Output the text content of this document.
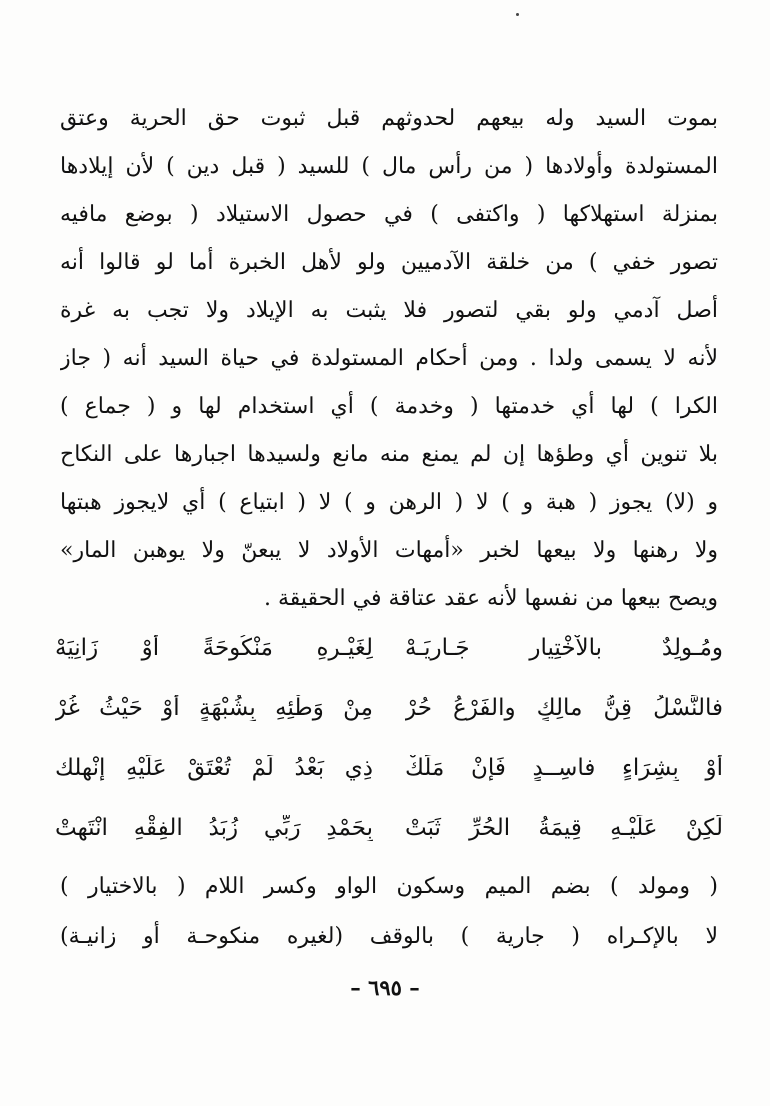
بموت السيد وله بيعهم لحدوثهم قبل ثبوت حق الحرية وعتق
المستولدة وأولادها ( من رأس مال ) للسيد ( قبل دين ) لأن إيلادها
بمنزلة استهلاكها ( واكتفى ) في حصول الاستيلاد ( بوضع مافيه
تصور خفي ) من خلقة الآدميين ولو لأهل الخبرة أما لو قالوا أنه
أصل آدمي ولو بقي لتصور فلا يثبت به الإيلاد ولا تجب به غرة
لأنه لا يسمى ولدا . ومن أحكام المستولدة في حياة السيد أنه ( جاز
الكرا ) لها أي خدمتها ( وخدمة ) أي استخدام لها و ( جماع )
بلا تنوين أي وطؤها إن لم يمنع منه مانع ولسيدها اجبارها على النكاح
و (لا) يجوز ( هبة و ) لا ( الرهن و ) لا ( ابتياع ) أي لايجوز هبتها
ولا رهنها ولا بيعها لخبر «أمهات الأولاد لا يبعنّ ولا يوهبن المار»
ويصح بيعها من نفسها لأنه عقد عتاقة في الحقيقة .
ومُـولِدٌ بالاْخْتِيارِ جَـارِيَـهْ
لِغَيْـرِهِ مَنْكُوحَةً أَوْ زَانِيَهْ
فالنَّسْلُ قِنُّ مالِكٍ والفَرْعُ حُرْ
مِنْ وَطْئِهِ بِشُبْهَةٍ أَوْ حَيْثُ غُرْ
أَوْ بِشِرَاءٍ فاسِــدٍ فَإِنْ مَلَكْ
ذِي بَعْدُ لَمْ تُعْتَقْ عَلَيْهِ إنْهلك
لَكِنْ عَلَيْـهِ قِيمَةُ الحُرِّ ثَبَتْ
بِحَمْدِ رَبِّي زُبَدُ الفِقْهِ انْتَهتْ
( ومولد ) بضم الميم وسكون الواو وكسر اللام ( بالاختيار )
لا بالإكـراه ( جارية ) بالوقف (لغيره منكوحـة أو زانيـة)
– ٦٩٥ –
